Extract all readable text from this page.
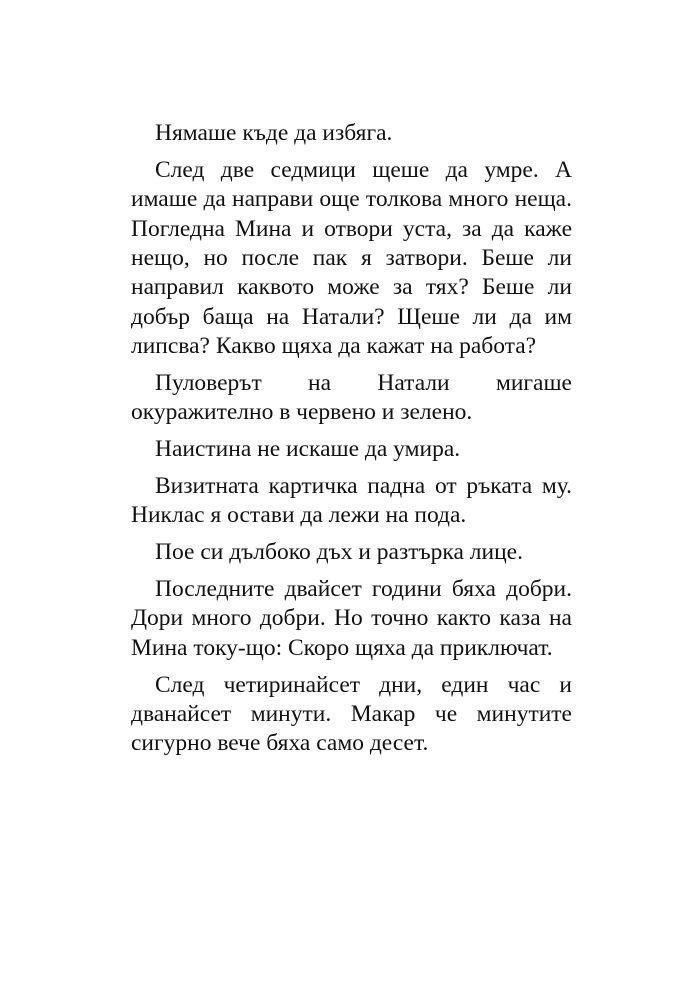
Нямаше къде да избяга.

След две седмици щеше да умре. А имаше да направи още толкова много неща. Погледна Мина и отвори уста, за да каже нещо, но после пак я затвори. Беше ли направил каквото може за тях? Беше ли добър баща на Натали? Щеше ли да им липсва? Какво щяха да кажат на работа?

Пуловерът на Натали мигаше окуражително в червено и зелено.

Наистина не искаше да умира.

Визитната картичка падна от ръката му. Никлас я остави да лежи на пода.

Пое си дълбоко дъх и разтърка лице.

Последните двайсет години бяха добри. Дори много добри. Но точно както каза на Мина току-що: Скоро щяха да приключат.

След четиринайсет дни, един час и дванайсет минути. Макар че минутите сигурно вече бяха само десет.
